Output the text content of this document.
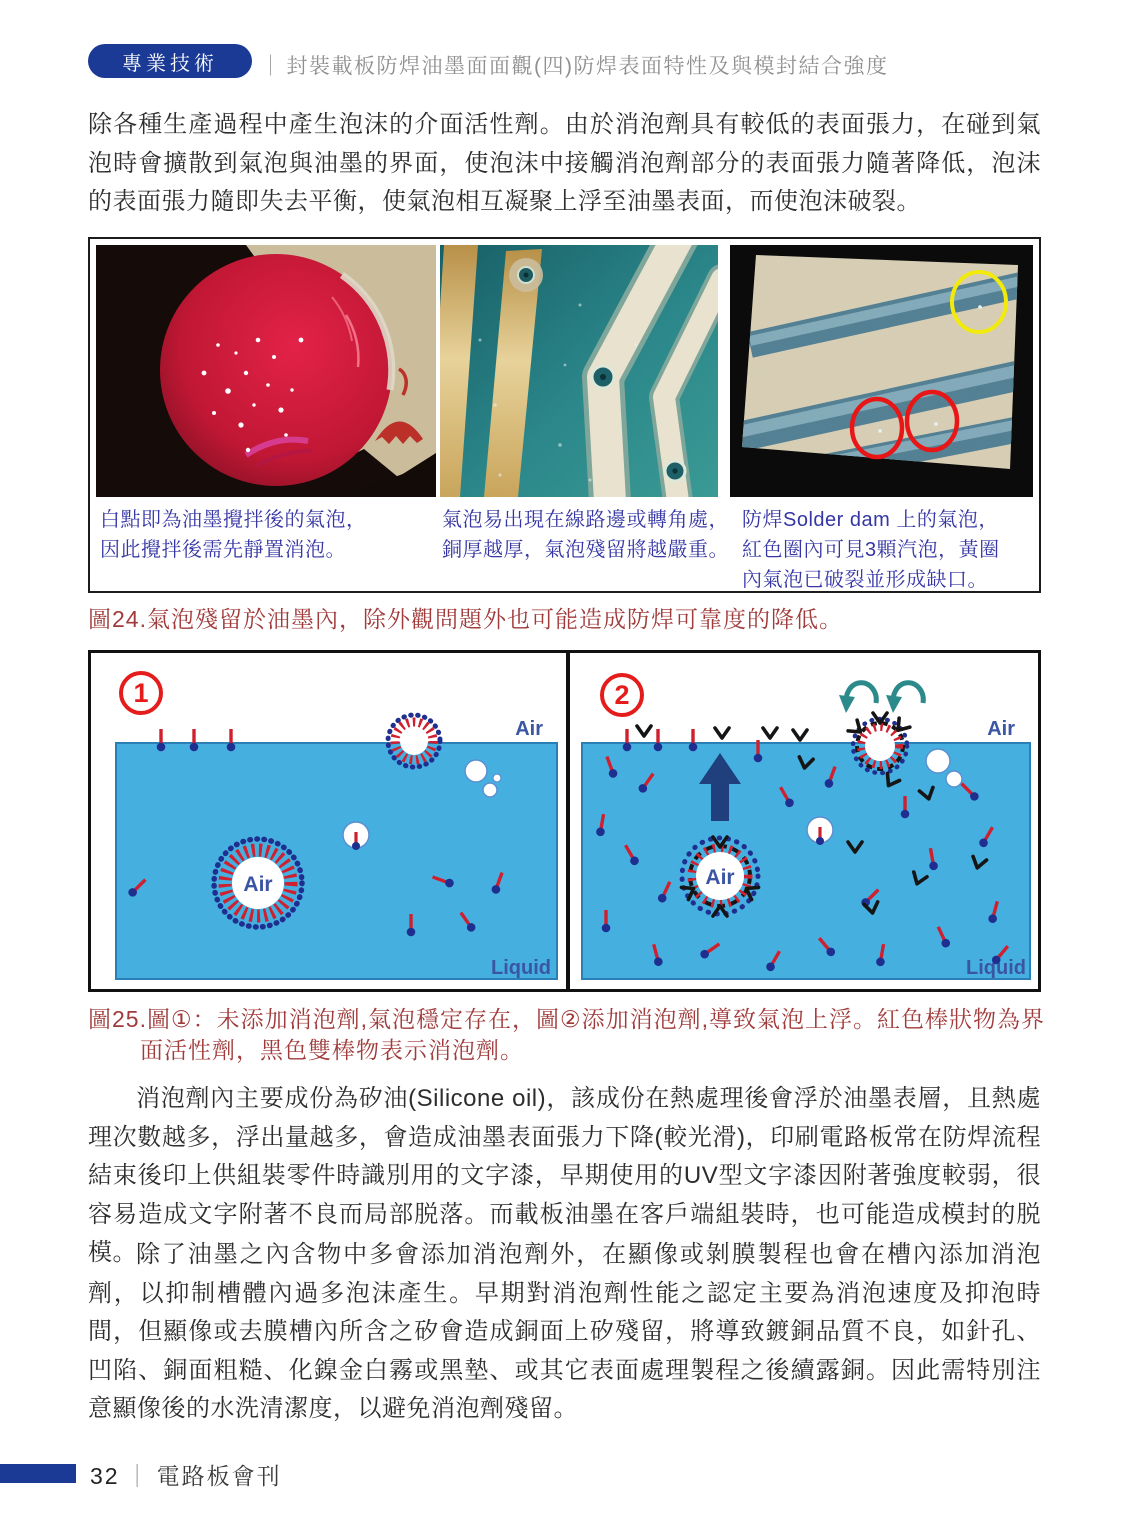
專業技術 ｜ 封裝載板防焊油墨面面觀(四)防焊表面特性及與模封結合強度
除各種生產過程中產生泡沫的介面活性劑。由於消泡劑具有較低的表面張力，在碰到氣泡時會擴散到氣泡與油墨的界面，使泡沫中接觸消泡劑部分的表面張力隨著降低，泡沫的表面張力隨即失去平衡，使氣泡相互凝聚上浮至油墨表面，而使泡沫破裂。
白點即為油墨攪拌後的氣泡，
因此攪拌後需先靜置消泡。
氣泡易出現在線路邊或轉角處，
銅厚越厚，氣泡殘留將越嚴重。
防焊Solder dam 上的氣泡，
紅色圈內可見3顆汽泡，黃圈
內氣泡已破裂並形成缺口。
圖24.氣泡殘留於油墨內，除外觀問題外也可能造成防焊可靠度的降低。
1
Air
Liquid
Air
2
Air
Liquid
Air
圖25.圖①：未添加消泡劑,氣泡穩定存在，圖②添加消泡劑,導致氣泡上浮。紅色棒狀物為界
面活性劑，黑色雙棒物表示消泡劑。
消泡劑內主要成份為矽油(Silicone oil)，該成份在熱處理後會浮於油墨表層，且熱處理次數越多，浮出量越多，會造成油墨表面張力下降(較光滑)，印刷電路板常在防焊流程結束後印上供組裝零件時識別用的文字漆，早期使用的UV型文字漆因附著強度較弱，很容易造成文字附著不良而局部脱落。而載板油墨在客戶端組裝時，也可能造成模封的脱模。 除了油墨之內含物中多會添加消泡劑外，在顯像或剝膜製程也會在槽內添加消泡劑，以抑制槽體內過多泡沫產生。早期對消泡劑性能之認定主要為消泡速度及抑泡時間，但顯像或去膜槽內所含之矽會造成銅面上矽殘留，將導致鍍銅品質不良，如針孔、凹陷、銅面粗糙、化鎳金白霧或黑墊、或其它表面處理製程之後續露銅。因此需特別注意顯像後的水洗清潔度，以避免消泡劑殘留。
32 ｜ 電路板會刊
